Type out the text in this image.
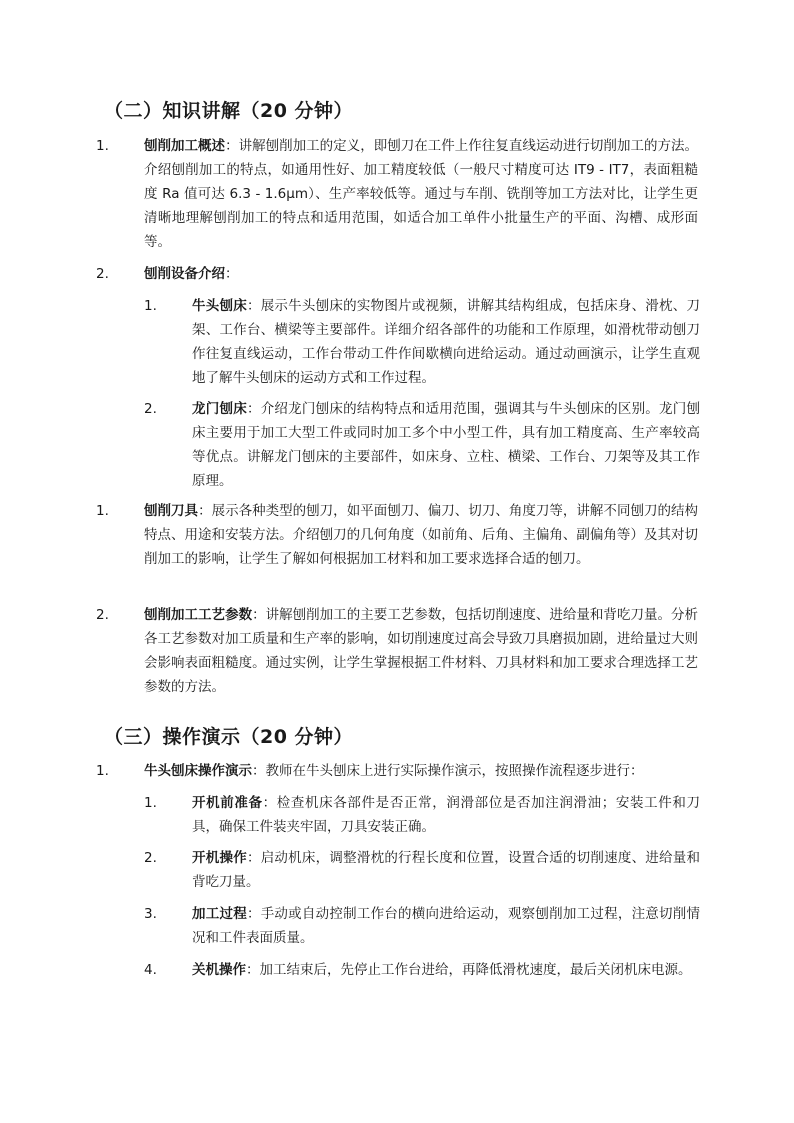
（二）知识讲解（20 分钟）
1.	刨削加工概述：讲解刨削加工的定义，即刨刀在工件上作往复直线运动进行切削加工的方法。介绍刨削加工的特点，如通用性好、加工精度较低（一般尺寸精度可达 IT9 - IT7，表面粗糙度 Ra 值可达 6.3 - 1.6μm）、生产率较低等。通过与车削、铣削等加工方法对比，让学生更清晰地理解刨削加工的特点和适用范围，如适合加工单件小批量生产的平面、沟槽、成形面等。
2.	刨削设备介绍：
1.	牛头刨床：展示牛头刨床的实物图片或视频，讲解其结构组成，包括床身、滑枕、刀架、工作台、横梁等主要部件。详细介绍各部件的功能和工作原理，如滑枕带动刨刀作往复直线运动，工作台带动工件作间歇横向进给运动。通过动画演示，让学生直观地了解牛头刨床的运动方式和工作过程。
2.	龙门刨床：介绍龙门刨床的结构特点和适用范围，强调其与牛头刨床的区别。龙门刨床主要用于加工大型工件或同时加工多个中小型工件，具有加工精度高、生产率较高等优点。讲解龙门刨床的主要部件，如床身、立柱、横梁、工作台、刀架等及其工作原理。
1.	刨削刀具：展示各种类型的刨刀，如平面刨刀、偏刀、切刀、角度刀等，讲解不同刨刀的结构特点、用途和安装方法。介绍刨刀的几何角度（如前角、后角、主偏角、副偏角等）及其对切削加工的影响，让学生了解如何根据加工材料和加工要求选择合适的刨刀。
2.	刨削加工工艺参数：讲解刨削加工的主要工艺参数，包括切削速度、进给量和背吃刀量。分析各工艺参数对加工质量和生产率的影响，如切削速度过高会导致刀具磨损加剧，进给量过大则会影响表面粗糙度。通过实例，让学生掌握根据工件材料、刀具材料和加工要求合理选择工艺参数的方法。
（三）操作演示（20 分钟）
1.	牛头刨床操作演示：教师在牛头刨床上进行实际操作演示，按照操作流程逐步进行：
1.	开机前准备：检查机床各部件是否正常，润滑部位是否加注润滑油；安装工件和刀具，确保工件装夹牢固，刀具安装正确。
2.	开机操作：启动机床，调整滑枕的行程长度和位置，设置合适的切削速度、进给量和背吃刀量。
3.	加工过程：手动或自动控制工作台的横向进给运动，观察刨削加工过程，注意切削情况和工件表面质量。
4.	关机操作：加工结束后，先停止工作台进给，再降低滑枕速度，最后关闭机床电源。
